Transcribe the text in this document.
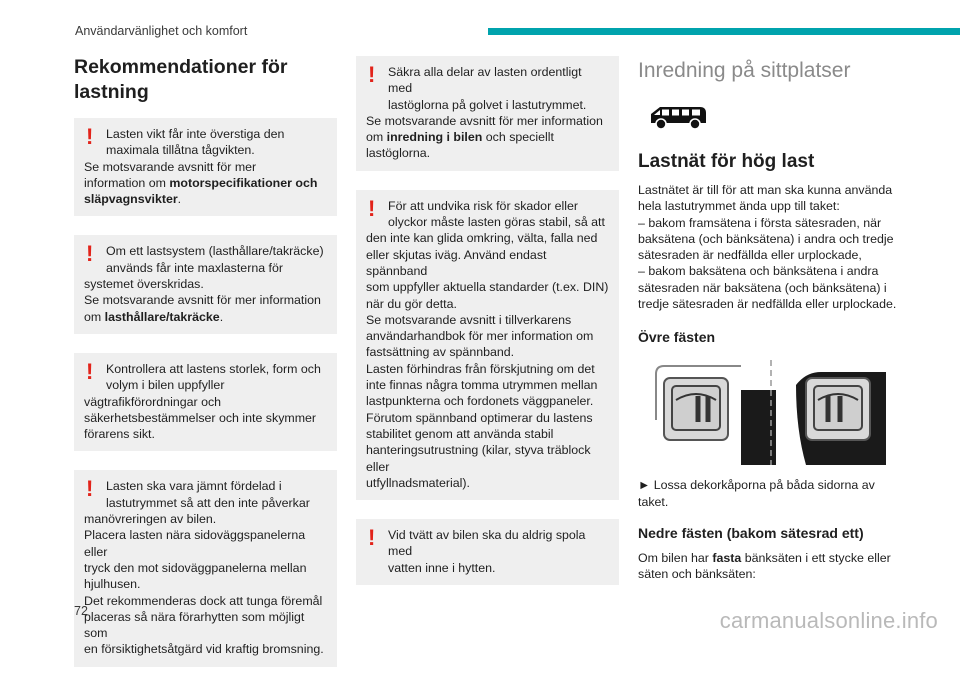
Användarvänlighet och komfort
Rekommendationer för
lastning
!	Lasten vikt får inte överstiga den
maximala tillåtna tågvikten.
Se motsvarande avsnitt för mer
information om motorspecifikationer och
släpvagnsvikter.
!	Om ett lastsystem (lasthållare/takräcke)
används får inte maxlasterna för
systemet överskridas.
Se motsvarande avsnitt för mer information
om lasthållare/takräcke.
!	Kontrollera att lastens storlek, form och
volym i bilen uppfyller
vägtrafikförordningar och
säkerhetsbestämmelser och inte skymmer
förarens sikt.
!	Lasten ska vara jämnt fördelad i
lastutrymmet så att den inte påverkar
manövreringen av bilen.
Placera lasten nära sidoväggspanelerna eller
tryck den mot sidoväggpanelerna mellan
hjulhusen.
Det rekommenderas dock att tunga föremål
placeras så nära förarhytten som möjligt som
en försiktighetsåtgärd vid kraftig bromsning.
!	Säkra alla delar av lasten ordentligt med
lastöglorna på golvet i lastutrymmet.
Se motsvarande avsnitt för mer information
om inredning i bilen och speciellt
lastöglorna.
!	För att undvika risk för skador eller
olyckor måste lasten göras stabil, så att
den inte kan glida omkring, välta, falla ned
eller skjutas iväg. Använd endast spännband
som uppfyller aktuella standarder (t.ex. DIN)
när du gör detta.
Se motsvarande avsnitt i tillverkarens
användarhandbok för mer information om
fastsättning av spännband.
Lasten förhindras från förskjutning om det
inte finnas några tomma utrymmen mellan
lastpunkterna och fordonets väggpaneler.
Förutom spännband optimerar du lastens
stabilitet genom att använda stabil
hanteringsutrustning (kilar, styva träblock eller
utfyllnadsmaterial).
!	Vid tvätt av bilen ska du aldrig spola med
vatten inne i hytten.
Inredning på sittplatser
Lastnät för hög last

Lastnätet är till för att man ska kunna använda
hela lastutrymmet ända upp till taket:
– bakom framsätena i första sätesraden, när
baksätena (och bänksätena) i andra och tredje
sätesraden är nedfällda eller urplockade,
– bakom baksätena och bänksätena i andra
sätesraden när baksätena (och bänksätena) i
tredje sätesraden är nedfällda eller urplockade.

Övre fästen

► Lossa dekorkåporna på båda sidorna av
taket.

Nedre fästen (bakom sätesrad ett)

Om bilen har fasta bänksäten i ett stycke eller
säten och bänksäten:

72	carmanualsonline.info
